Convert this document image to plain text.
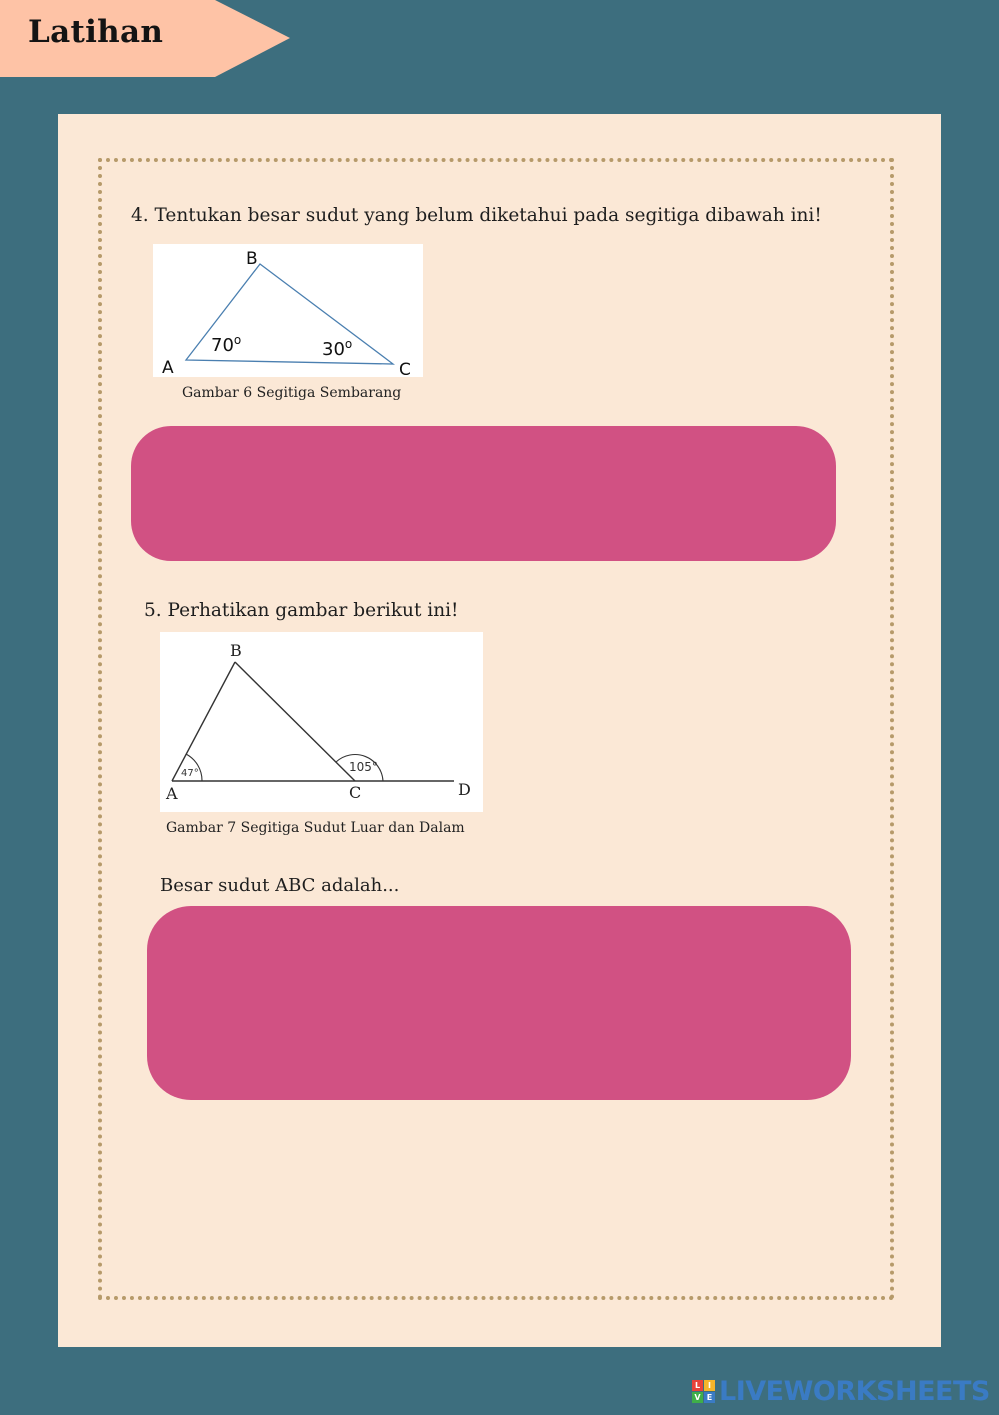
Latihan
4. Tentukan besar sudut yang belum diketahui pada segitiga dibawah ini!
B
A	C
70$^o$	30$^o$
Gambar 6 Segitiga Sembarang
5. Perhatikan gambar berikut ini!
B
A	C	D
47°	105°
Gambar 7 Segitiga Sudut Luar dan Dalam
Besar sudut ABC adalah...
L I
V E LIVEWORKSHEETS
